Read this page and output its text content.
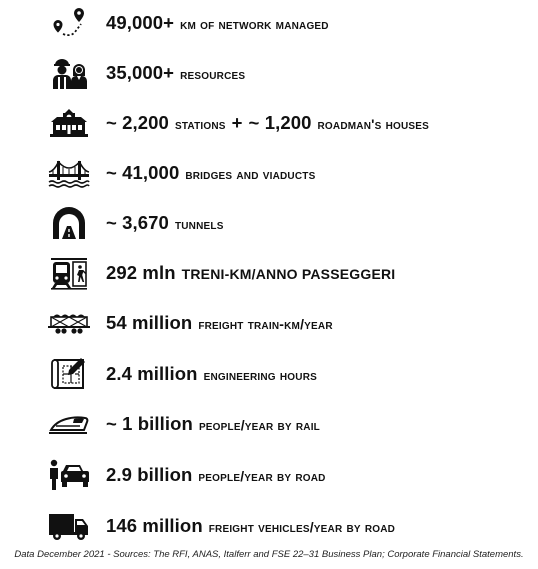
49,000+ km of network managed
35,000+ resources
~ 2,200 stations + ~ 1,200 roadman's houses
~ 41,000 bridges and viaducts
~ 3,670 tunnels
292 mln TRENI-KM/ANNO PASSEGGERI
54 million freight train-km/year
2.4 million engineering hours
~ 1 billion people/year by rail
2.9 billion people/year by road
146 million freight vehicles/year by road
Data December 2021 - Sources: The RFI, ANAS, Italferr and FSE 22–31 Business Plan; Corporate Financial Statements.
